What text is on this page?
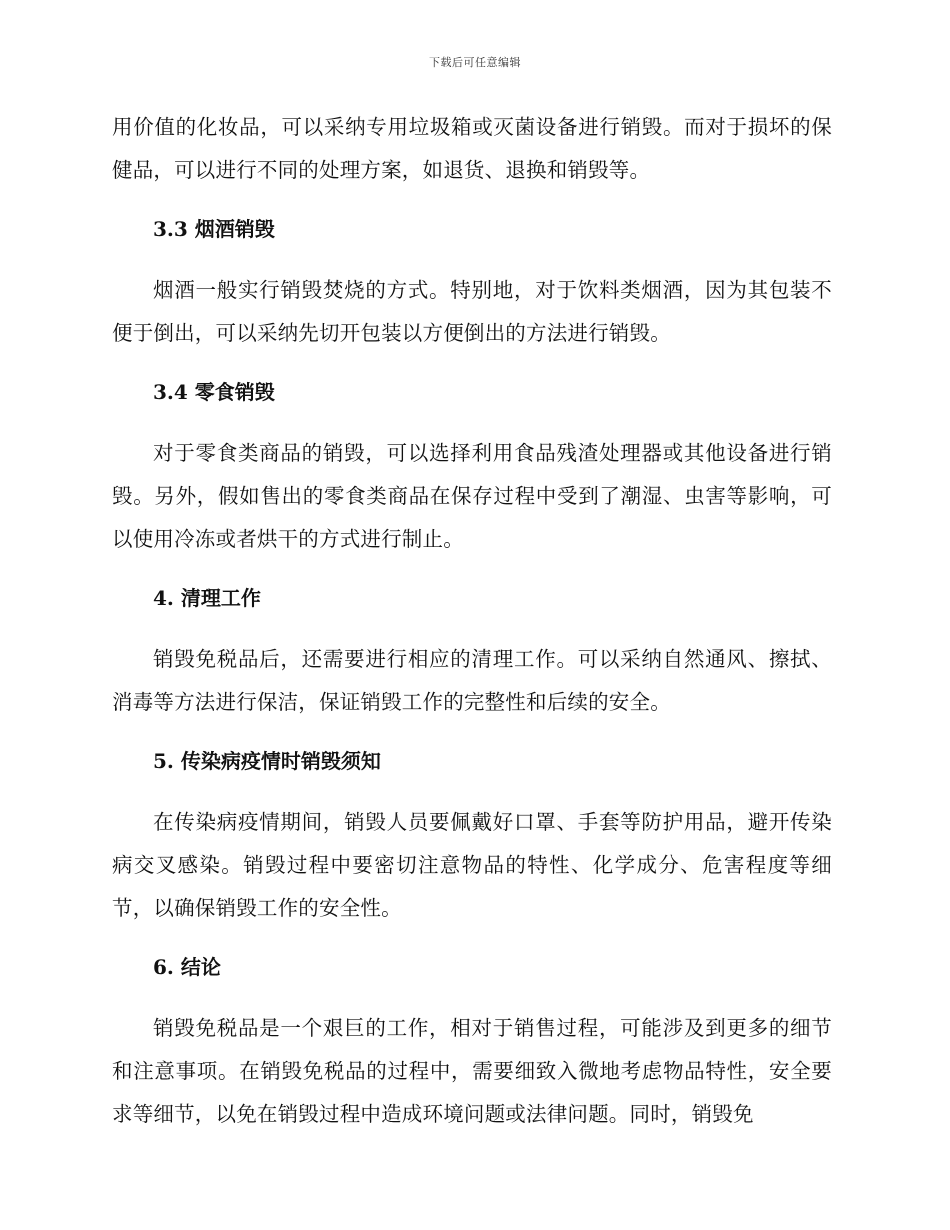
下载后可任意编辑

用价值的化妆品，可以采纳专用垃圾箱或灭菌设备进行销毁。而对于损坏的保健品，可以进行不同的处理方案，如退货、退换和销毁等。

3.3 烟酒销毁

烟酒一般实行销毁焚烧的方式。特别地，对于饮料类烟酒，因为其包装不便于倒出，可以采纳先切开包装以方便倒出的方法进行销毁。

3.4 零食销毁

对于零食类商品的销毁，可以选择利用食品残渣处理器或其他设备进行销毁。另外，假如售出的零食类商品在保存过程中受到了潮湿、虫害等影响，可以使用冷冻或者烘干的方式进行制止。

4. 清理工作

销毁免税品后，还需要进行相应的清理工作。可以采纳自然通风、擦拭、消毒等方法进行保洁，保证销毁工作的完整性和后续的安全。

5. 传染病疫情时销毁须知

在传染病疫情期间，销毁人员要佩戴好口罩、手套等防护用品，避开传染病交叉感染。销毁过程中要密切注意物品的特性、化学成分、危害程度等细节，以确保销毁工作的安全性。

6. 结论

销毁免税品是一个艰巨的工作，相对于销售过程，可能涉及到更多的细节和注意事项。在销毁免税品的过程中，需要细致入微地考虑物品特性，安全要求等细节，以免在销毁过程中造成环境问题或法律问题。同时，销毁免
